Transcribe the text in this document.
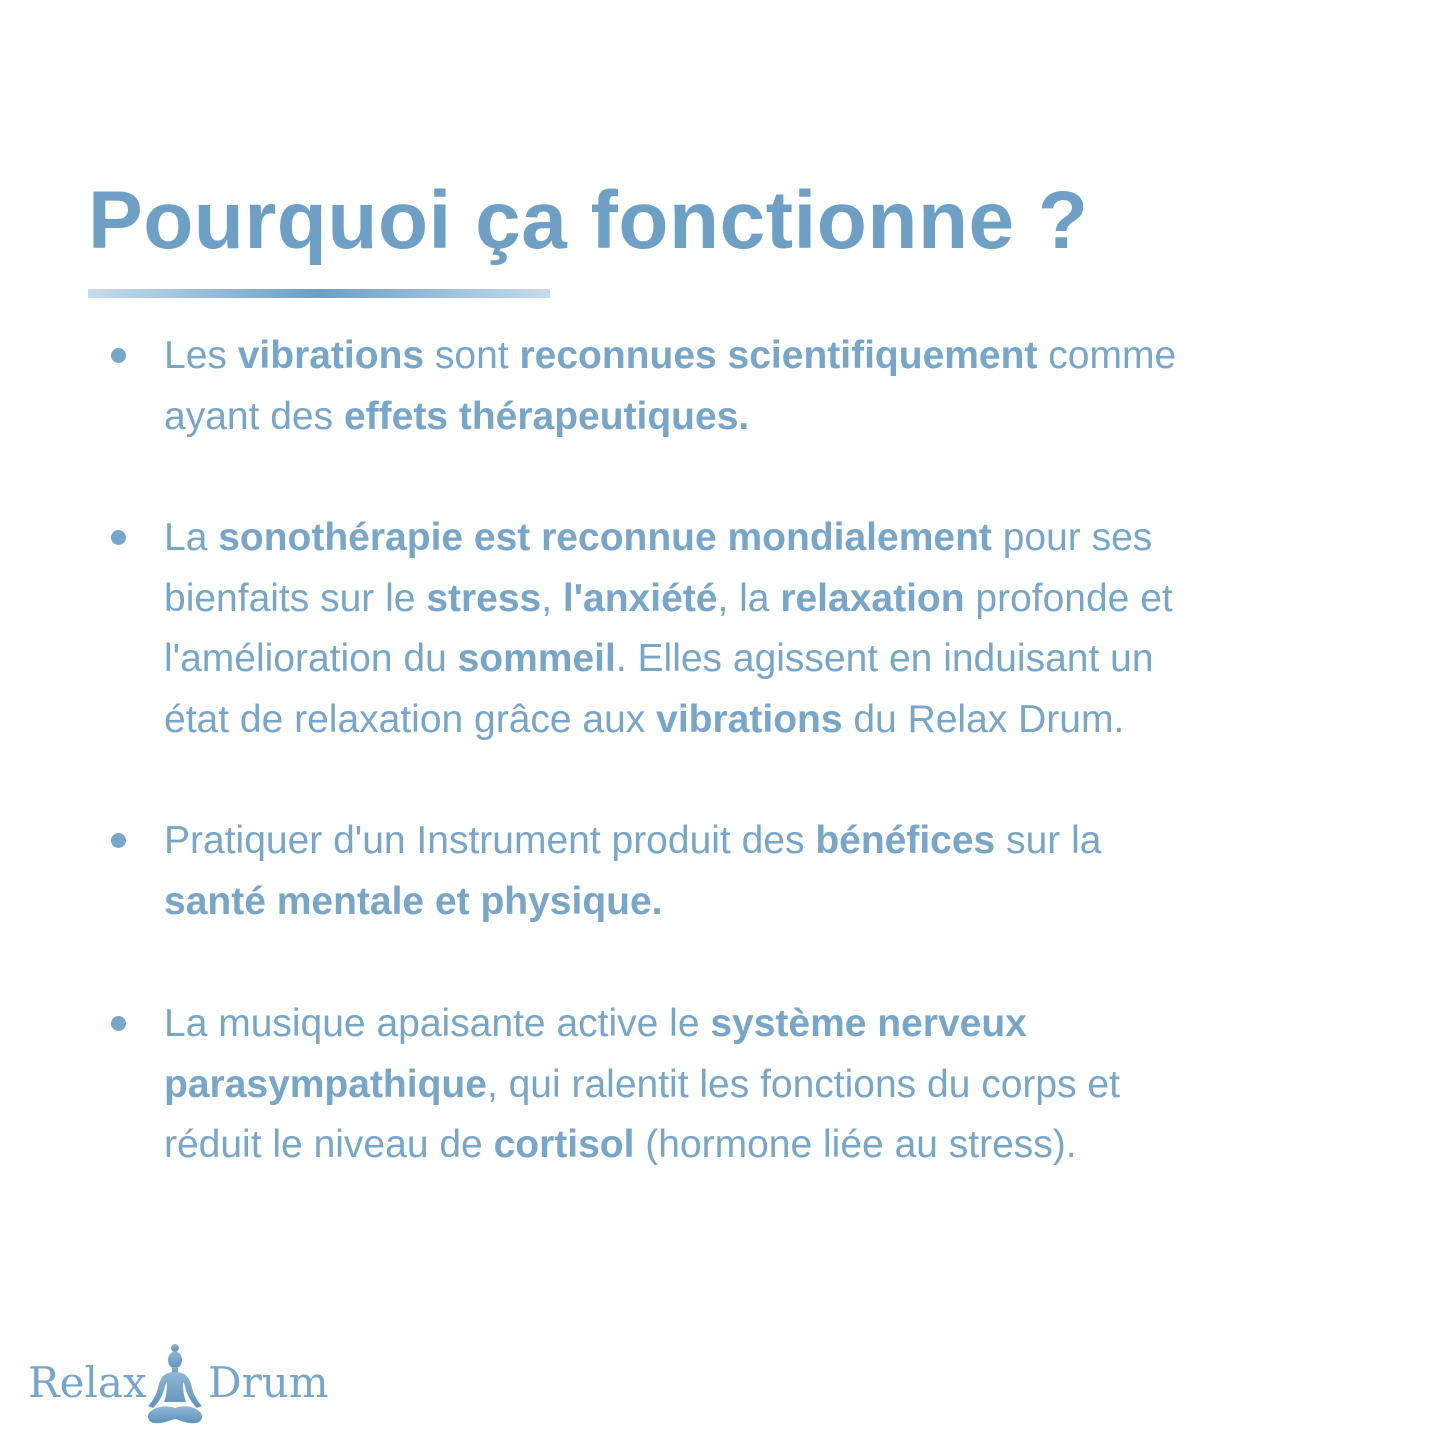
Pourquoi ça fonctionne ?
Les vibrations sont reconnues scientifiquement comme
ayant des effets thérapeutiques.
La sonothérapie est reconnue mondialement pour ses
bienfaits sur le stress, l'anxiété, la relaxation profonde et
l'amélioration du sommeil. Elles agissent en induisant un
état de relaxation grâce aux vibrations du Relax Drum.
Pratiquer d'un Instrument produit des bénéfices sur la
santé mentale et physique.
La musique apaisante active le système nerveux
parasympathique, qui ralentit les fonctions du corps et
réduit le niveau de cortisol (hormone liée au stress).
Relax Drum
